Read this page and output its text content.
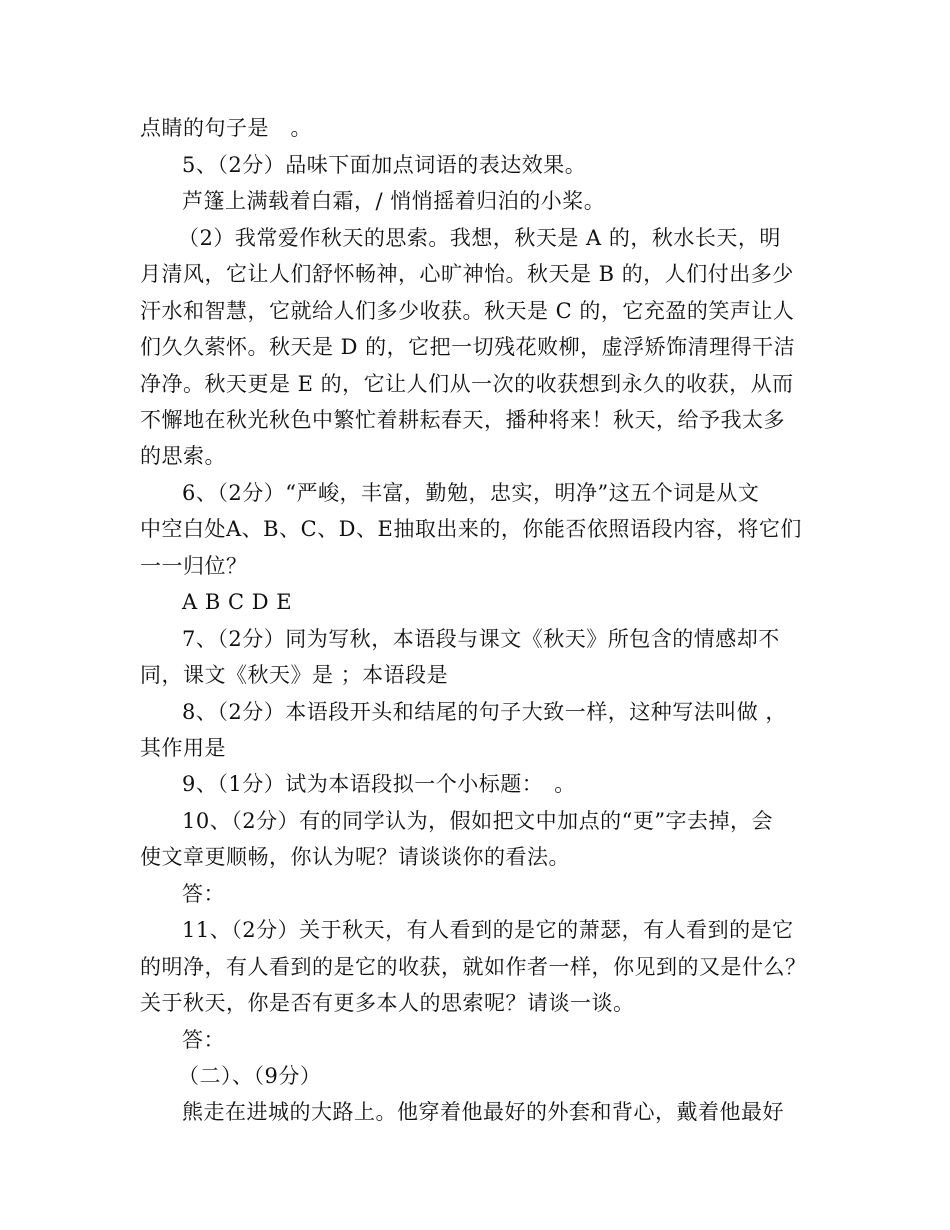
点睛的句子是　。
5、（2分）品味下面加点词语的表达效果。
芦篷上满载着白霜，/ 悄悄摇着归泊的小桨。
（2）我常爱作秋天的思索。我想，秋天是 A 的，秋水长天，明
月清风，它让人们舒怀畅神，心旷神怡。秋天是 B 的，人们付出多少
汗水和智慧，它就给人们多少收获。秋天是 C 的，它充盈的笑声让人
们久久萦怀。秋天是 D 的，它把一切残花败柳，虚浮矫饰清理得干洁
净净。秋天更是 E 的，它让人们从一次的收获想到永久的收获，从而
不懈地在秋光秋色中繁忙着耕耘春天，播种将来！秋天，给予我太多
的思索。
6、（2分）“严峻，丰富，勤勉，忠实，明净”这五个词是从文
中空白处A、B、C、D、E抽取出来的，你能否依照语段内容，将它们
一一归位？
A B C D E
7、（2分）同为写秋，本语段与课文《秋天》所包含的情感却不
同，课文《秋天》是 ；本语段是
8、（2分）本语段开头和结尾的句子大致一样，这种写法叫做 ，
其作用是
9、（1分）试为本语段拟一个小标题：　。
10、（2分）有的同学认为，假如把文中加点的“更”字去掉，会
使文章更顺畅，你认为呢？请谈谈你的看法。
答：
11、（2分）关于秋天，有人看到的是它的萧瑟，有人看到的是它
的明净，有人看到的是它的收获，就如作者一样，你见到的又是什么？
关于秋天，你是否有更多本人的思索呢？请谈一谈。
答：
（二）、（9分）
熊走在进城的大路上。他穿着他最好的外套和背心，戴着他最好
